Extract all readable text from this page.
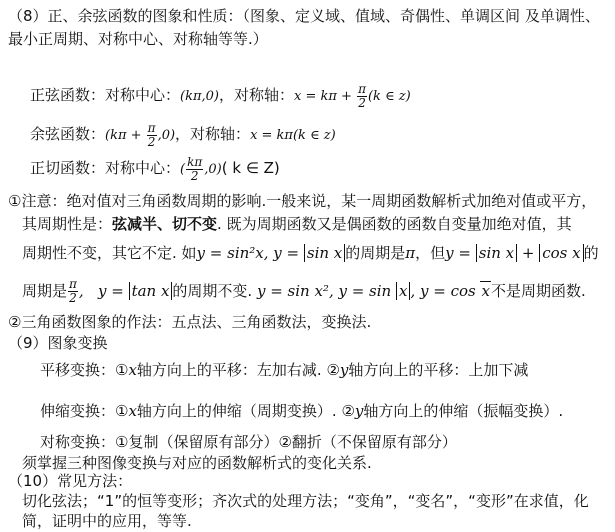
（8）正、余弦函数的图象和性质：（图象、定义域、值域、奇偶性、单调区间 及单调性、
最小正周期、对称中心、对称轴等等.）
正弦函数：对称中心：(kπ,0)，对称轴：$x = k\pi + \frac{\pi}{2} (k$ ∈ z)
余弦函数：$(k\pi + \frac{\pi}{2} ,0)$，对称轴：x = kπ(k ∈ z)
正切函数：对称中心：( $\frac{k\pi}{2} ,0$)( k ∈ Z)
①注意：绝对值对三角函数周期的影响.一般来说，某一周期函数解析式加绝对值或平方，
其周期性是：弦减半、切不变. 既为周期函数又是偶函数的函数自变量加绝对值，其
周期性不变，其它不定. 如y = sin²x, y = sin x 的周期是π，但y = sin x + cos x 的
周期是 $\frac{\pi}{2}$ ,   y = tan x 的周期不变. y = sin x², y = sin x , y = cos x不是周期函数.
②三角函数图象的作法：五点法、三角函数法，变换法.
（9）图象变换
平移变换：①x轴方向上的平移：左加右减. ②y轴方向上的平移：上加下减
伸缩变换：①x轴方向上的伸缩（周期变换）. ②y轴方向上的伸缩（振幅变换）.
对称变换：①复制（保留原有部分）②翻折（不保留原有部分）
须掌握三种图像变换与对应的函数解析式的变化关系.
（10）常见方法：
切化弦法；“1”的恒等变形；齐次式的处理方法；“变角”，“变名”，“变形”在求值，化
简，证明中的应用，等等.
